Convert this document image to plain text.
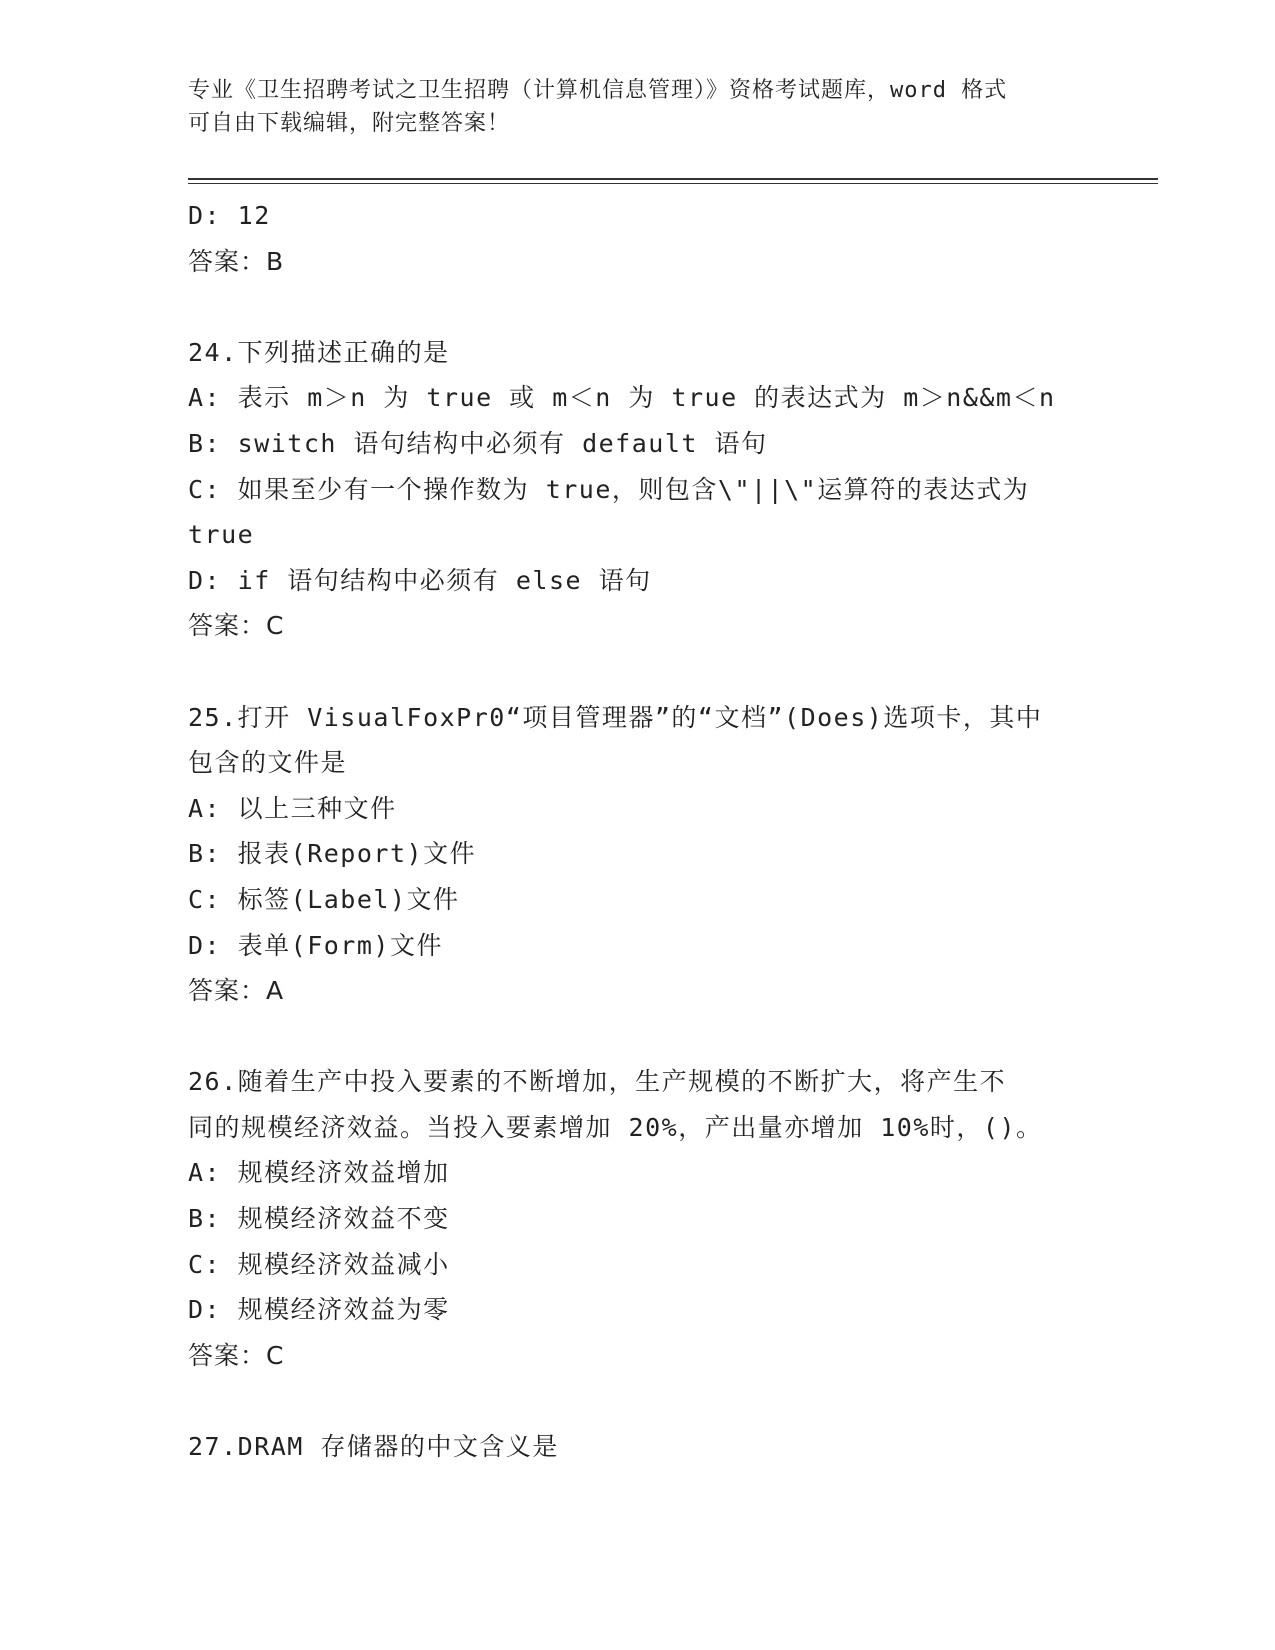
专业《卫生招聘考试之卫生招聘（计算机信息管理）》资格考试题库，word 格式
可自由下载编辑，附完整答案！

D: 12

答案：B

24.下列描述正确的是

A: 表示 m＞n 为 true 或 m＜n 为 true 的表达式为 m＞n&&m＜n

B: switch 语句结构中必须有 default 语句

C: 如果至少有一个操作数为 true，则包含\"||\"运算符的表达式为

true

D: if 语句结构中必须有 else 语句

答案：C

25.打开 VisualFoxPr0“项目管理器”的“文档”(Does)选项卡，其中

包含的文件是

A: 以上三种文件

B: 报表(Report)文件

C: 标签(Label)文件

D: 表单(Form)文件

答案：A

26.随着生产中投入要素的不断增加，生产规模的不断扩大，将产生不

同的规模经济效益。当投入要素增加 20%，产出量亦增加 10%时，()。

A: 规模经济效益增加

B: 规模经济效益不变

C: 规模经济效益减小

D: 规模经济效益为零

答案：C

27.DRAM 存储器的中文含义是
